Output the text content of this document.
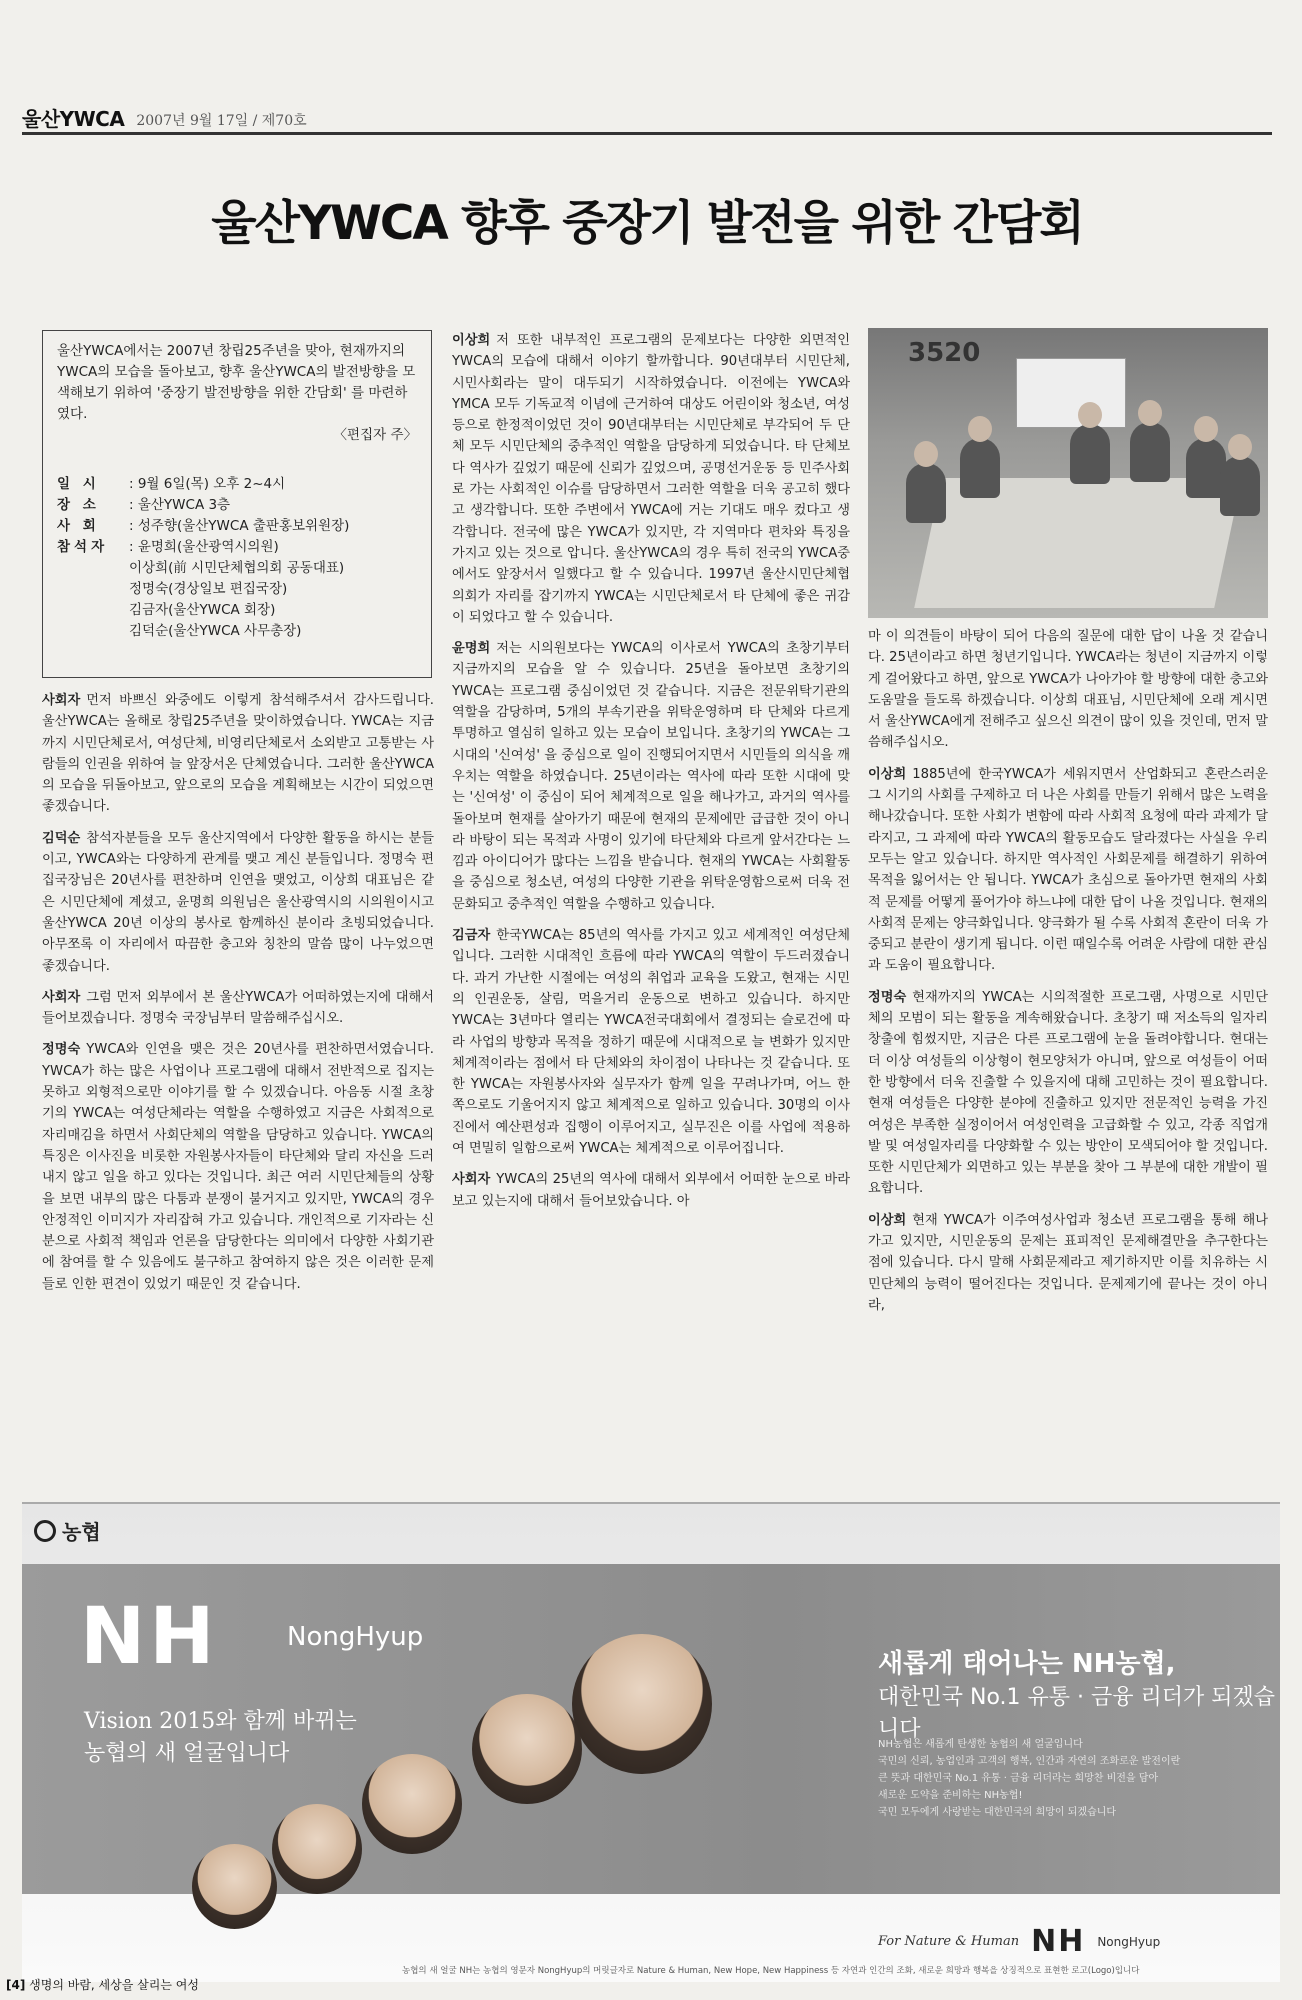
울산YWCA 2007년 9월 17일 / 제70호
울산YWCA 향후 중장기 발전을 위한 간담회

울산YWCA에서는 2007년 창립25주년을 맞아, 현재까지의 YWCA의 모습을 돌아보고, 향후 울산YWCA의 발전방향을 모색해보기 위하여 '중장기 발전방향을 위한 간담회' 를 마련하였다.

〈편집자 주〉

일 시	: 9월 6일(목) 오후 2~4시
장 소	: 울산YWCA 3층
사 회	: 성주향(울산YWCA 출판홍보위원장)
참석자	: 윤명희(울산광역시의원)
이상희(前 시민단체협의회 공동대표)
정명숙(경상일보 편집국장)
김금자(울산YWCA 회장)
김덕순(울산YWCA 사무총장)

사회자 먼저 바쁘신 와중에도 이렇게 참석해주셔서 감사드립니다. 울산YWCA는 올해로 창립25주년을 맞이하였습니다. YWCA는 지금까지 시민단체로서, 여성단체, 비영리단체로서 소외받고 고통받는 사람들의 인권을 위하여 늘 앞장서온 단체였습니다. 그러한 울산YWCA의 모습을 뒤돌아보고, 앞으로의 모습을 계획해보는 시간이 되었으면 좋겠습니다.

김덕순 참석자분들을 모두 울산지역에서 다양한 활동을 하시는 분들이고, YWCA와는 다양하게 관계를 맺고 계신 분들입니다. 정명숙 편집국장님은 20년사를 편찬하며 인연을 맺었고, 이상희 대표님은 같은 시민단체에 계셨고, 윤명희 의원님은 울산광역시의 시의원이시고 울산YWCA 20년 이상의 봉사로 함께하신 분이라 초빙되었습니다. 아무쪼록 이 자리에서 따끔한 충고와 칭찬의 말씀 많이 나누었으면 좋겠습니다.

사회자 그럼 먼저 외부에서 본 울산YWCA가 어떠하였는지에 대해서 들어보겠습니다. 정명숙 국장님부터 말씀해주십시오.

정명숙 YWCA와 인연을 맺은 것은 20년사를 편찬하면서였습니다. YWCA가 하는 많은 사업이나 프로그램에 대해서 전반적으로 집지는 못하고 외형적으로만 이야기를 할 수 있겠습니다. 아음동 시절 초창기의 YWCA는 여성단체라는 역할을 수행하였고 지금은 사회적으로 자리매김을 하면서 사회단체의 역할을 담당하고 있습니다. YWCA의 특징은 이사진을 비롯한 자원봉사자들이 타단체와 달리 자신을 드러내지 않고 일을 하고 있다는 것입니다. 최근 여러 시민단체들의 상황을 보면 내부의 많은 다툼과 분쟁이 불거지고 있지만, YWCA의 경우 안정적인 이미지가 자리잡혀 가고 있습니다. 개인적으로 기자라는 신분으로 사회적 책임과 언론을 담당한다는 의미에서 다양한 사회기관에 참여를 할 수 있음에도 불구하고 참여하지 않은 것은 이러한 문제들로 인한 편견이 있었기 때문인 것 같습니다.

이상희 저 또한 내부적인 프로그램의 문제보다는 다양한 외면적인 YWCA의 모습에 대해서 이야기 할까합니다. 90년대부터 시민단체, 시민사회라는 말이 대두되기 시작하였습니다. 이전에는 YWCA와 YMCA 모두 기독교적 이념에 근거하여 대상도 어린이와 청소년, 여성 등으로 한정적이었던 것이 90년대부터는 시민단체로 부각되어 두 단체 모두 시민단체의 중추적인 역할을 담당하게 되었습니다. 타 단체보다 역사가 깊었기 때문에 신뢰가 깊었으며, 공명선거운동 등 민주사회로 가는 사회적인 이슈를 담당하면서 그러한 역할을 더욱 공고히 했다고 생각합니다. 또한 주변에서 YWCA에 거는 기대도 매우 컸다고 생각합니다. 전국에 많은 YWCA가 있지만, 각 지역마다 편차와 특징을 가지고 있는 것으로 압니다. 울산YWCA의 경우 특히 전국의 YWCA중에서도 앞장서서 일했다고 할 수 있습니다. 1997년 울산시민단체협의회가 자리를 잡기까지 YWCA는 시민단체로서 타 단체에 좋은 귀감이 되었다고 할 수 있습니다.

윤명희 저는 시의원보다는 YWCA의 이사로서 YWCA의 초창기부터 지금까지의 모습을 알 수 있습니다. 25년을 돌아보면 초창기의 YWCA는 프로그램 중심이었던 것 같습니다. 지금은 전문위탁기관의 역할을 감당하며, 5개의 부속기관을 위탁운영하며 타 단체와 다르게 투명하고 열심히 일하고 있는 모습이 보입니다. 초창기의 YWCA는 그 시대의 '신여성' 을 중심으로 일이 진행되어지면서 시민들의 의식을 깨우치는 역할을 하였습니다. 25년이라는 역사에 따라 또한 시대에 맞는 '신여성' 이 중심이 되어 체계적으로 일을 해나가고, 과거의 역사를 돌아보며 현재를 살아가기 때문에 현재의 문제에만 급급한 것이 아니라 바탕이 되는 목적과 사명이 있기에 타단체와 다르게 앞서간다는 느낌과 아이디어가 많다는 느낌을 받습니다. 현재의 YWCA는 사회활동을 중심으로 청소년, 여성의 다양한 기관을 위탁운영함으로써 더욱 전문화되고 중추적인 역할을 수행하고 있습니다.

김금자 한국YWCA는 85년의 역사를 가지고 있고 세계적인 여성단체입니다. 그러한 시대적인 흐름에 따라 YWCA의 역할이 두드러졌습니다. 과거 가난한 시절에는 여성의 취업과 교육을 도왔고, 현재는 시민의 인권운동, 살림, 먹을거리 운동으로 변하고 있습니다. 하지만 YWCA는 3년마다 열리는 YWCA전국대회에서 결정되는 슬로건에 따라 사업의 방향과 목적을 정하기 때문에 시대적으로 늘 변화가 있지만 체계적이라는 점에서 타 단체와의 차이점이 나타나는 것 같습니다. 또한 YWCA는 자원봉사자와 실무자가 함께 일을 꾸려나가며, 어느 한 쪽으로도 기울어지지 않고 체계적으로 일하고 있습니다. 30명의 이사진에서 예산편성과 집행이 이루어지고, 실무진은 이를 사업에 적용하여 면밀히 일함으로써 YWCA는 체계적으로 이루어집니다.

사회자 YWCA의 25년의 역사에 대해서 외부에서 어떠한 눈으로 바라보고 있는지에 대해서 들어보았습니다. 아

3520

마 이 의견들이 바탕이 되어 다음의 질문에 대한 답이 나올 것 같습니다. 25년이라고 하면 청년기입니다. YWCA라는 청년이 지금까지 이렇게 걸어왔다고 하면, 앞으로 YWCA가 나아가야 할 방향에 대한 충고와 도움말을 들도록 하겠습니다. 이상희 대표님, 시민단체에 오래 계시면서 울산YWCA에게 전해주고 싶으신 의견이 많이 있을 것인데, 먼저 말씀해주십시오.

이상희 1885년에 한국YWCA가 세워지면서 산업화되고 혼란스러운 그 시기의 사회를 구제하고 더 나은 사회를 만들기 위해서 많은 노력을 해나갔습니다. 또한 사회가 변함에 따라 사회적 요청에 따라 과제가 달라지고, 그 과제에 따라 YWCA의 활동모습도 달라졌다는 사실을 우리 모두는 알고 있습니다. 하지만 역사적인 사회문제를 해결하기 위하여 목적을 잃어서는 안 됩니다. YWCA가 초심으로 돌아가면 현재의 사회적 문제를 어떻게 풀어가야 하느냐에 대한 답이 나올 것입니다. 현재의 사회적 문제는 양극화입니다. 양극화가 될 수록 사회적 혼란이 더욱 가중되고 분란이 생기게 됩니다. 이런 때일수록 어려운 사람에 대한 관심과 도움이 필요합니다.

정명숙 현재까지의 YWCA는 시의적절한 프로그램, 사명으로 시민단체의 모범이 되는 활동을 계속해왔습니다. 초창기 때 저소득의 일자리 창출에 힘썼지만, 지금은 다른 프로그램에 눈을 돌려야합니다. 현대는 더 이상 여성들의 이상형이 현모양처가 아니며, 앞으로 여성들이 어떠한 방향에서 더욱 진출할 수 있을지에 대해 고민하는 것이 필요합니다. 현재 여성들은 다양한 분야에 진출하고 있지만 전문적인 능력을 가진 여성은 부족한 실정이어서 여성인력을 고급화할 수 있고, 각종 직업개발 및 여성일자리를 다양화할 수 있는 방안이 모색되어야 할 것입니다. 또한 시민단체가 외면하고 있는 부분을 찾아 그 부분에 대한 개발이 필요합니다.

이상희 현재 YWCA가 이주여성사업과 청소년 프로그램을 통해 해나가고 있지만, 시민운동의 문제는 표피적인 문제해결만을 추구한다는 점에 있습니다. 다시 말해 사회문제라고 제기하지만 이를 치유하는 시민단체의 능력이 떨어진다는 것입니다. 문제제기에 끝나는 것이 아니라,

농협
NH	NongHyup
Vision 2015와 함께 바뀌는
농협의 새 얼굴입니다
새롭게 태어나는 NH농협,
대한민국 No.1 유통 · 금융 리더가 되겠습니다
NH농협은 새롭게 탄생한 농협의 새 얼굴입니다
국민의 신뢰, 농업인과 고객의 행복, 인간과 자연의 조화로운 발전이란
큰 뜻과 대한민국 No.1 유통 · 금융 리더라는 희망찬 비전을 담아
새로운 도약을 준비하는 NH농협!
국민 모두에게 사랑받는 대한민국의 희망이 되겠습니다
For Nature & Human NH NongHyup
농협의 새 얼굴 NH는 농협의 영문자 NongHyup의 머릿글자로 Nature & Human, New Hope, New Happiness 등 자연과 인간의 조화, 새로운 희망과 행복을 상징적으로 표현한 로고(Logo)입니다
[4] 생명의 바람, 세상을 살리는 여성
